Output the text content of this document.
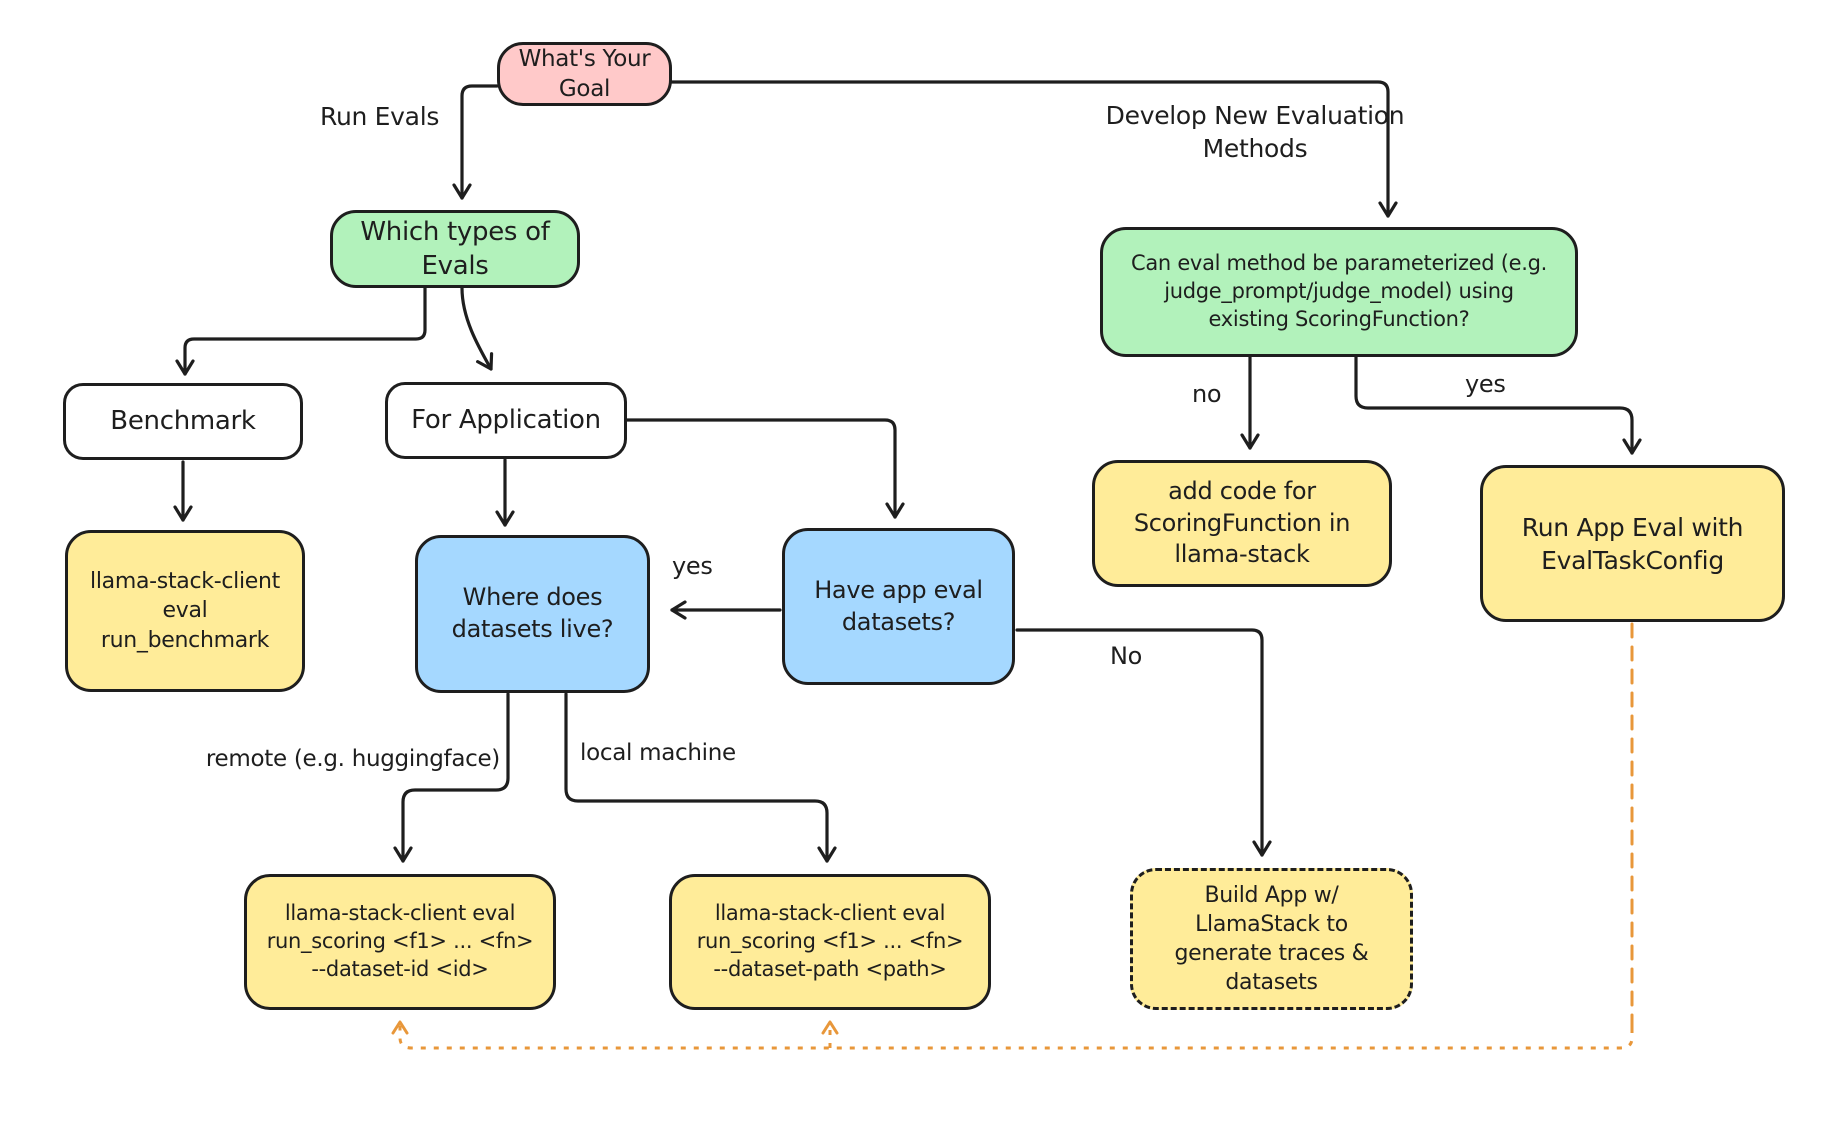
What's Your
Goal
Which types of
Evals
Benchmark	For Application
llama-stack-client
eval run_benchmark
Where does
datasets live?
Have app eval
datasets?
Can eval method be parameterized (e.g.
judge_prompt/judge_model) using
existing ScoringFunction?
add code for
ScoringFunction in
llama-stack
Run App Eval with
EvalTaskConfig
llama-stack-client eval
run_scoring <f1> ... <fn>
--dataset-id <id>
llama-stack-client eval
run_scoring <f1> ... <fn>
--dataset-path <path>
Build App w/
LlamaStack to
generate traces &
datasets
Run Evals	Develop New Evaluation
Methods
yes
No
no	yes
remote (e.g. huggingface)	local machine
